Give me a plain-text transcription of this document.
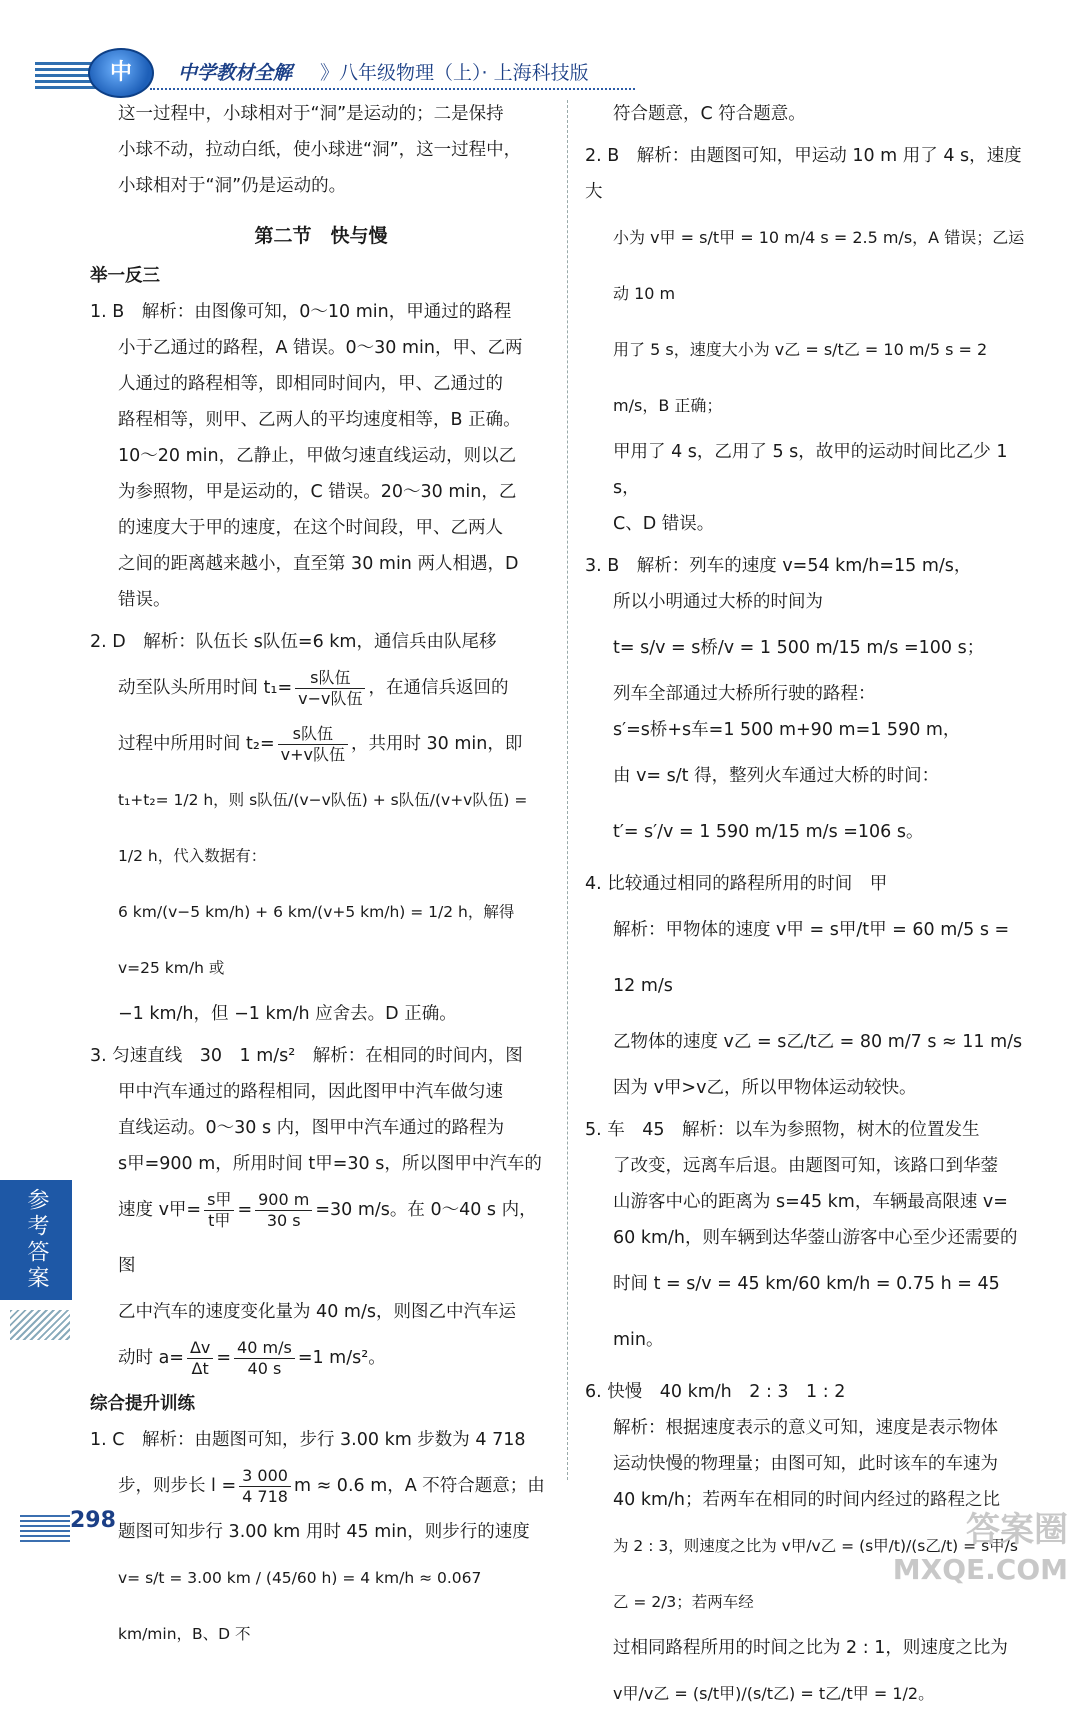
中	中学教材全解 》八年级物理（上）· 上海科技版

这一过程中，小球相对于“洞”是运动的；二是保持

小球不动，拉动白纸，使小球进“洞”，这一过程中，

小球相对于“洞”仍是运动的。

第二节　快与慢

举一反三

1. B　解析：由图像可知，0～10 min，甲通过的路程

小于乙通过的路程，A 错误。0～30 min，甲、乙两

人通过的路程相等，即相同时间内，甲、乙通过的

路程相等，则甲、乙两人的平均速度相等，B 正确。

10～20 min，乙静止，甲做匀速直线运动，则以乙

为参照物，甲是运动的，C 错误。20～30 min，乙

的速度大于甲的速度，在这个时间段，甲、乙两人

之间的距离越来越小，直至第 30 min 两人相遇，D

错误。

2. D　解析：队伍长 s队伍=6 km，通信兵由队尾移

动至队头所用时间 t₁=
s队伍
v−v队伍 ，在通信兵返回的

过程中所用时间 t₂=
s队伍
v+v队伍 ，共用时 30 min，即

t₁+t₂= 1/2 h，则 s队伍/(v−v队伍) + s队伍/(v+v队伍) = 1/2 h，代入数据有：

6 km/(v−5 km/h) + 6 km/(v+5 km/h) = 1/2 h，解得 v=25 km/h 或

−1 km/h，但 −1 km/h 应舍去。D 正确。

3. 匀速直线　30　1 m/s²　解析：在相同的时间内，图

甲中汽车通过的路程相同，因此图甲中汽车做匀速

直线运动。0～30 s 内，图甲中汽车通过的路程为

s甲=900 m，所用时间 t甲=30 s，所以图甲中汽车的

速度 v甲=
s甲
t甲 = $\frac{900 m}{30 s} =30$ m/s。在 0～40 s 内，图

乙中汽车的速度变化量为 40 m/s，则图乙中汽车运

动时 $a= \frac{\Delta v}{\Delta t} = \frac{40 m/s}{40 s} =1$ m/s²。

综合提升训练

1. C　解析：由题图可知，步行 3.00 km 步数为 4 718

步，则步长 $l = \frac{3 000}{4 718}$ m ≈ 0.6 m，A 不符合题意；由

题图可知步行 3.00 km 用时 45 min，则步行的速度

v= s/t = 3.00 km / (45/60 h) = 4 km/h ≈ 0.067 km/min，B、D 不

符合题意，C 符合题意。

2. B　解析：由题图可知，甲运动 10 m 用了 4 s，速度大

小为 v甲 = s/t甲 = 10 m/4 s = 2.5 m/s，A 错误；乙运动 10 m

用了 5 s，速度大小为 v乙 = s/t乙 = 10 m/5 s = 2 m/s，B 正确；

甲用了 4 s，乙用了 5 s，故甲的运动时间比乙少 1 s，

C、D 错误。

3. B　解析：列车的速度 v=54 km/h=15 m/s，

所以小明通过大桥的时间为

t= s/v = s桥/v = 1 500 m/15 m/s =100 s；

列车全部通过大桥所行驶的路程：

s′=s桥+s车=1 500 m+90 m=1 590 m，

由 v= s/t 得，整列火车通过大桥的时间：

t′= s′/v = 1 590 m/15 m/s =106 s。

4. 比较通过相同的路程所用的时间　甲

解析：甲物体的速度 v甲 = s甲/t甲 = 60 m/5 s = 12 m/s

乙物体的速度 v乙 = s乙/t乙 = 80 m/7 s ≈ 11 m/s

因为 v甲>v乙，所以甲物体运动较快。

5. 车　45　解析：以车为参照物，树木的位置发生

了改变，远离车后退。由题图可知，该路口到华蓥

山游客中心的距离为 s=45 km，车辆最高限速 v=

60 km/h，则车辆到达华蓥山游客中心至少还需要的

时间 t = s/v = 45 km/60 km/h = 0.75 h = 45 min。

6. 快慢　40 km/h　2 : 3　1 : 2

解析：根据速度表示的意义可知，速度是表示物体

运动快慢的物理量；由图可知，此时该车的车速为

40 km/h；若两车在相同的时间内经过的路程之比

为 2 : 3，则速度之比为 v甲/v乙 = (s甲/t)/(s乙/t) = s甲/s乙 = 2/3；若两车经

过相同路程所用的时间之比为 2 : 1，则速度之比为

v甲/v乙 = (s/t甲)/(s/t乙) = t乙/t甲 = 1/2。

参考答案
298	答案圈
MXQE.COM
